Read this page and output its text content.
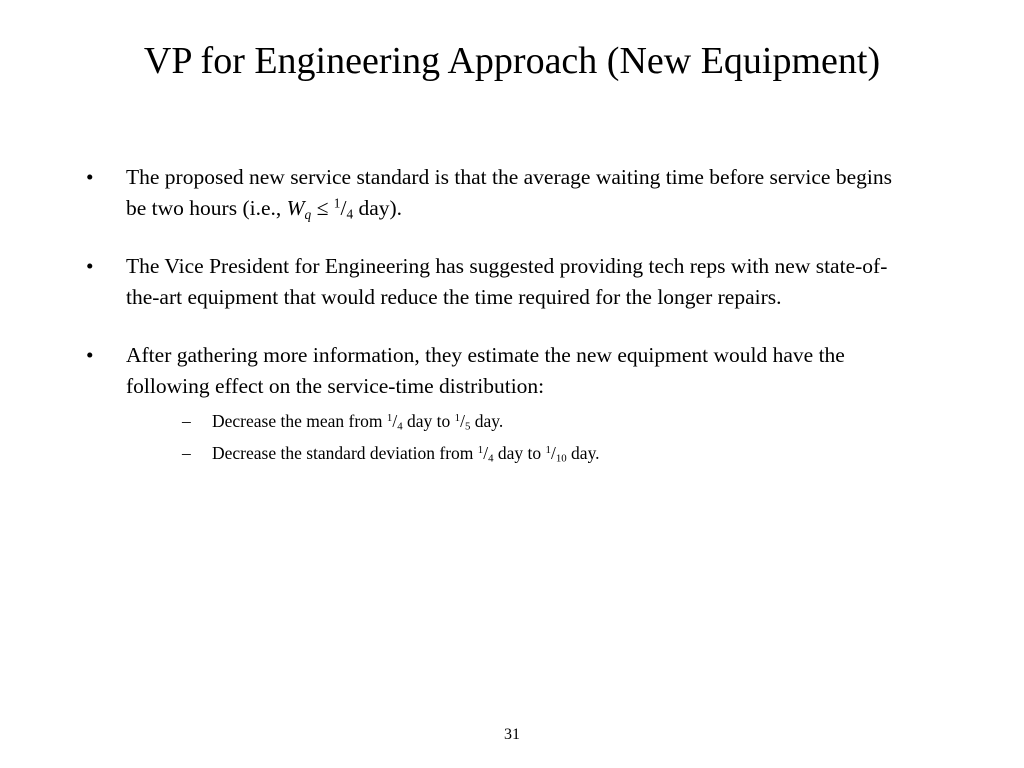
VP for Engineering Approach (New Equipment)
• The proposed new service standard is that the average waiting time before service begins be two hours (i.e., $W_q \le ^1/_4$ day).
• The Vice President for Engineering has suggested providing tech reps with new state-of-the-art equipment that would reduce the time required for the longer repairs.
• After gathering more information, they estimate the new equipment would have the following effect on the service-time distribution:
– Decrease the mean from $^1/_4$ day to $^1/_5$ day.
– Decrease the standard deviation from $^1/_4$ day to $^1/_{10}$ day.
31
